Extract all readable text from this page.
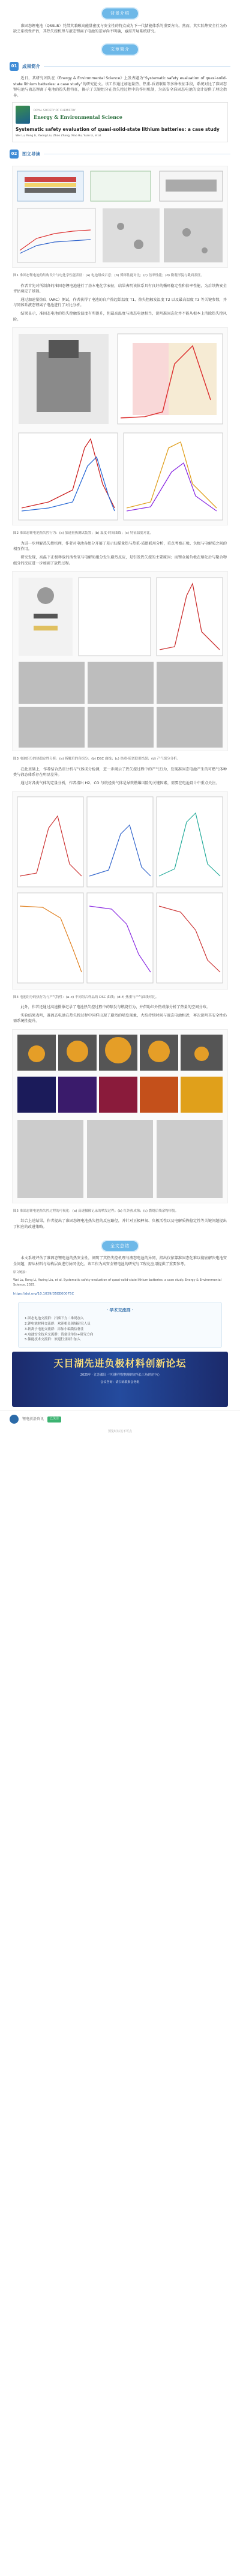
背景介绍

准固态锂电池（QSSLB）凭借其兼顾高能量密度与安全性的特点成为下一代储能体系的重要方向。然而，其实际热安全行为仍缺乏系统性评估，其热失控机理与液态锂离子电池的差异尚不明确，亟需开展系统研究。

文章简介
01	成果简介

近日，某研究团队在《Energy & Environmental Science》上发表题为“Systematic safety evaluation of quasi-solid-state lithium batteries: a case study”的研究论文。该工作通过加速量热、热重-质谱联用等多种表征手段，系统对比了准固态锂电池与液态锂离子电池的热失控特征，揭示了关键组分在热失控过程中的作用机制，为高安全准固态电池的设计提供了理论指导。

ROYAL SOCIETY OF CHEMISTRY
Energy & Environmental Science
Systematic safety evaluation of quasi-solid-state lithium batteries: a case study
Wei Lu, Rong Li, Yaxing Liu, Zhao Zhang, Xiao Hu, Yuan Li, et al.
02	图文导读

图1 准固态锂电池的结构设计与电化学性能表征：(a) 电池组成示意；(b) 循环性能对比；(c) 倍率性能；(d) 微观形貌与截面表征。

作者首先对所制备的准固态锂电池进行了基本电化学表征，结果表明该体系具有良好的循环稳定性和倍率性能，为后续热安全评估奠定了基础。

通过加速量热仪（ARC）测试，作者获得了电池的自产热起始温度 T1、热失控触发温度 T2 以及最高温度 T3 等关键参数，并与同体系液态锂离子电池进行了对比分析。

结果显示，准固态电池的热失控触发温度有所提升，但最高温度与液态电池相当，说明准固态化并不能从根本上消除热失控风险。

图2 准固态锂电池热失控行为：(a) 加速量热测试装置；(b) 温度-时间曲线；(c) 特征温度对比。

为进一步理解热失控机理，作者对电池各组分开展了差示扫描量热与热重-质谱联用分析，重点考察正极、负极与电解质之间的相互作用。

研究发现，高温下正极释放的活性氧与电解质组分发生剧烈反应，是引发热失控的主要原因；而锂金属负极在熔化后与聚合物组分的反应进一步加剧了放热过程。

图3 电池组分的热稳定性分析：(a) 拆解后的各组分；(b) DSC 曲线；(c) 热重-质谱联用结果；(d) 产气组分分析。

在此基础上，作者结合热重分析与气体成分检测，进一步揭示了热失控过程中的产气行为，发现准固态电池产生的可燃气体种类与液态体系存在明显差异。

通过对各类气体的定量分析，作者指出 H2、CO 与烷烃类气体是导致燃爆风险的关键因素，需要在电池设计中重点关注。

图4 电池组分的热行为与产气特性：(a–c) 不同组合样品的 DSC 曲线；(d–f) 热重与产气曲线对比。

此外，作者还通过高速摄像记录了电池热失控过程中的喷发与燃烧行为，并借助红外热成像分析了热量的空间分布。

实验结果表明，准固态电池在热失控过程中同样出现了剧烈的喷发现象，火焰持续时间与液态电池相近，再次说明其安全性仍需系统性提升。

图5 准固态锂电池热失控过程的可视化：(a) 高速摄像记录的喷发过程；(b) 红外热成像；(c) 燃烧后残余物形貌。

综合上述结果，作者提出了准固态锂电池热失控的反应路径，并针对正极释氧、负极活性以及电解质热稳定性等关键问题提出了相应的改进策略。

全文总结

本文系统评估了准固态锂电池的热安全性，阐明了其热失控机理与液态电池的异同，指出仅依靠准固态化难以彻底解决电池安全问题，需从材料与结构层面进行协同优化。该工作为高安全锂电池的研究与工程化应用提供了重要参考。

原文链接：

Wei Lu, Rong Li, Yaxing Liu, et al. Systematic safety evaluation of quasi-solid-state lithium batteries: a case study. Energy & Environmental Science, 2025.

https://doi.org/10.1039/D5EE00075C

· 学术交流群 ·
1.固态电池交流群：扫描下方二维码加入
2.锂电池材料交流群：欢迎相关领域研究人员
3.钠离子电池交流群：添加小编微信备注
4.电池安全技术交流群：请备注单位+研究方向
5.储能技术交流群：欢迎行业同仁加入
天目湖先进负极材料创新论坛
2025年 · 江苏溧阳 · 中国科学院物理研究所长三角研究中心
会议咨询：请扫码联系会务组
锂电前沿资讯	已关注
预览时标签不可点
